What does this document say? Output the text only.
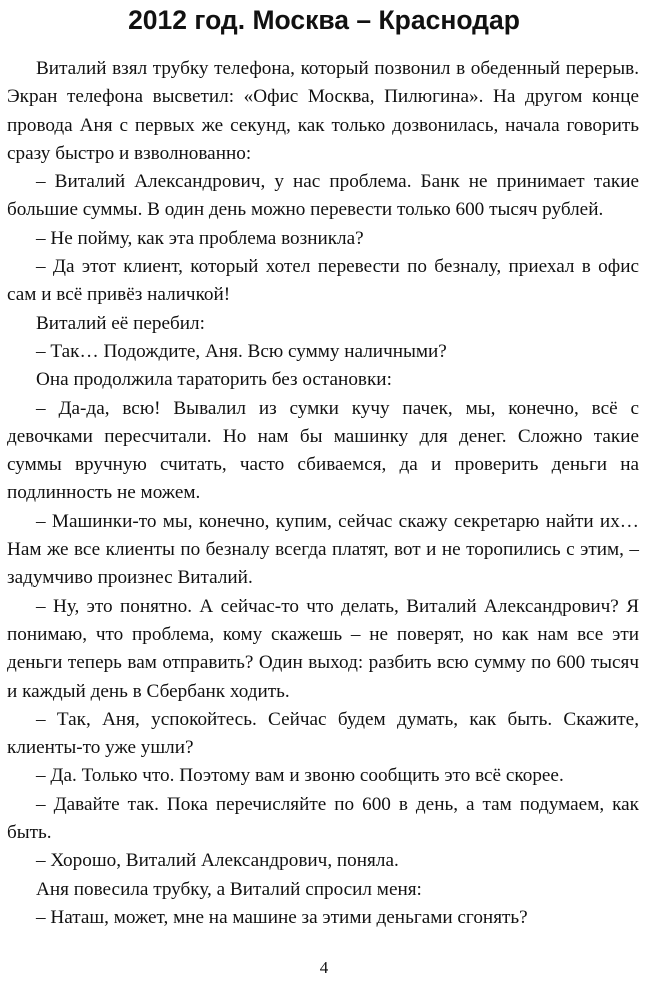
2012 год. Москва – Краснодар

Виталий взял трубку телефона, который позвонил в обеденный перерыв. Экран телефона высветил: «Офис Москва, Пилюгина». На другом конце провода Аня с первых же секунд, как только дозвонилась, начала говорить сразу быстро и взволнованно:

– Виталий Александрович, у нас проблема. Банк не принимает такие большие суммы. В один день можно перевести только 600 тысяч рублей.

– Не пойму, как эта проблема возникла?

– Да этот клиент, который хотел перевести по безналу, приехал в офис сам и всё привёз наличкой!

Виталий её перебил:

– Так… Подождите, Аня. Всю сумму наличными?

Она продолжила тараторить без остановки:

– Да-да, всю! Вывалил из сумки кучу пачек, мы, конечно, всё с девочками пересчитали. Но нам бы машинку для денег. Сложно такие суммы вручную считать, часто сбиваемся, да и проверить деньги на подлинность не можем.

– Машинки-то мы, конечно, купим, сейчас скажу секретарю найти их… Нам же все клиенты по безналу всегда платят, вот и не торопились с этим, – задумчиво произнес Виталий.

– Ну, это понятно. А сейчас-то что делать, Виталий Александрович? Я понимаю, что проблема, кому скажешь – не поверят, но как нам все эти деньги теперь вам отправить? Один выход: разбить всю сумму по 600 тысяч и каждый день в Сбербанк ходить.

– Так, Аня, успокойтесь. Сейчас будем думать, как быть. Скажите, клиенты-то уже ушли?

– Да. Только что. Поэтому вам и звоню сообщить это всё скорее.

– Давайте так. Пока перечисляйте по 600 в день, а там подумаем, как быть.

– Хорошо, Виталий Александрович, поняла.

Аня повесила трубку, а Виталий спросил меня:

– Наташ, может, мне на машине за этими деньгами сгонять?

4
